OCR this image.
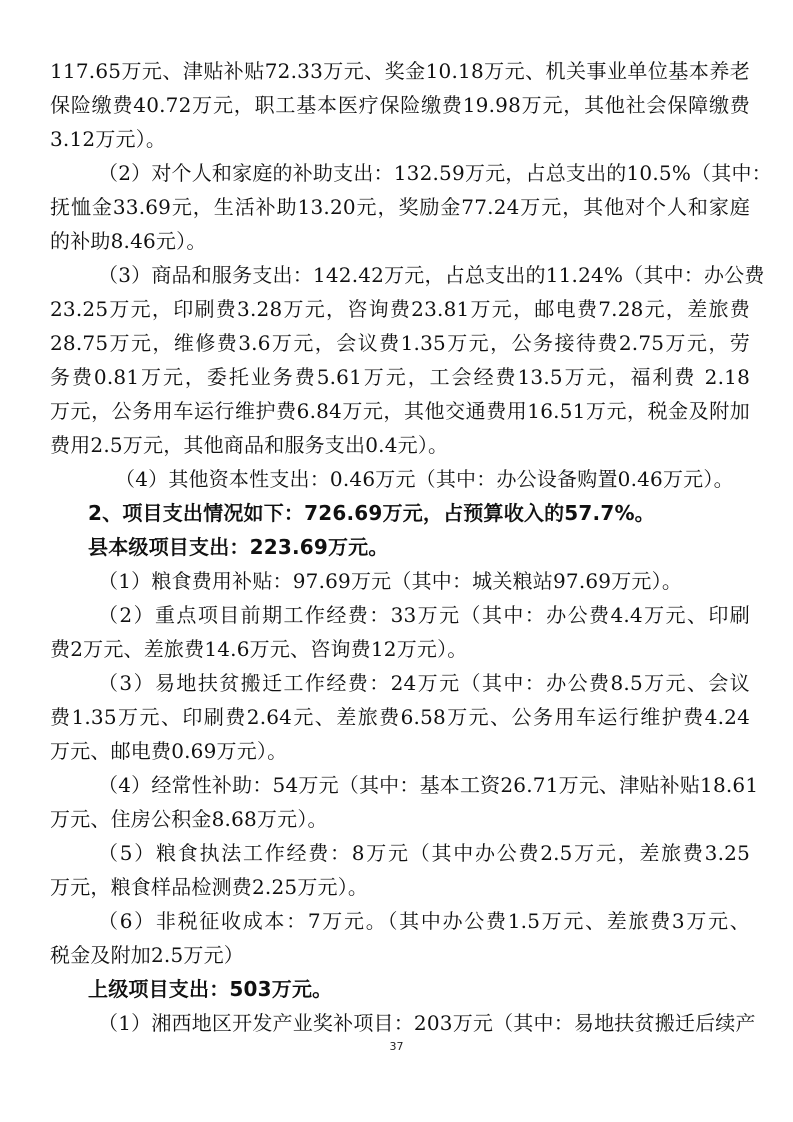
117.65万元、津贴补贴72.33万元、奖金10.18万元、机关事业单位基本养老
保险缴费40.72万元，职工基本医疗保险缴费19.98万元，其他社会保障缴费
3.12万元）。
（2）对个人和家庭的补助支出：132.59万元，占总支出的10.5%（其中：
抚恤金33.69元，生活补助13.20元，奖励金77.24万元，其他对个人和家庭
的补助8.46元）。
（3）商品和服务支出：142.42万元，占总支出的11.24%（其中：办公费
23.25万元，印刷费3.28万元，咨询费23.81万元，邮电费7.28元，差旅费
28.75万元，维修费3.6万元，会议费1.35万元，公务接待费2.75万元，劳
务费0.81万元，委托业务费5.61万元，工会经费13.5万元，福利费 2.18
万元，公务用车运行维护费6.84万元，其他交通费用16.51万元，税金及附加
费用2.5万元，其他商品和服务支出0.4元）。
（4）其他资本性支出：0.46万元（其中：办公设备购置0.46万元）。
2、项目支出情况如下：726.69万元，占预算收入的57.7%。
县本级项目支出：223.69万元。
（1）粮食费用补贴：97.69万元（其中：城关粮站97.69万元）。
（2）重点项目前期工作经费：33万元（其中：办公费4.4万元、印刷
费2万元、差旅费14.6万元、咨询费12万元）。
（3）易地扶贫搬迁工作经费：24万元（其中：办公费8.5万元、会议
费1.35万元、印刷费2.64元、差旅费6.58万元、公务用车运行维护费4.24
万元、邮电费0.69万元）。
（4）经常性补助：54万元（其中：基本工资26.71万元、津贴补贴18.61
万元、住房公积金8.68万元）。
（5）粮食执法工作经费：8万元（其中办公费2.5万元，差旅费3.25
万元，粮食样品检测费2.25万元）。
（6）非税征收成本：7万元。（其中办公费1.5万元、差旅费3万元、
税金及附加2.5万元）
上级项目支出：503万元。
（1）湘西地区开发产业奖补项目：203万元（其中：易地扶贫搬迁后续产
37
